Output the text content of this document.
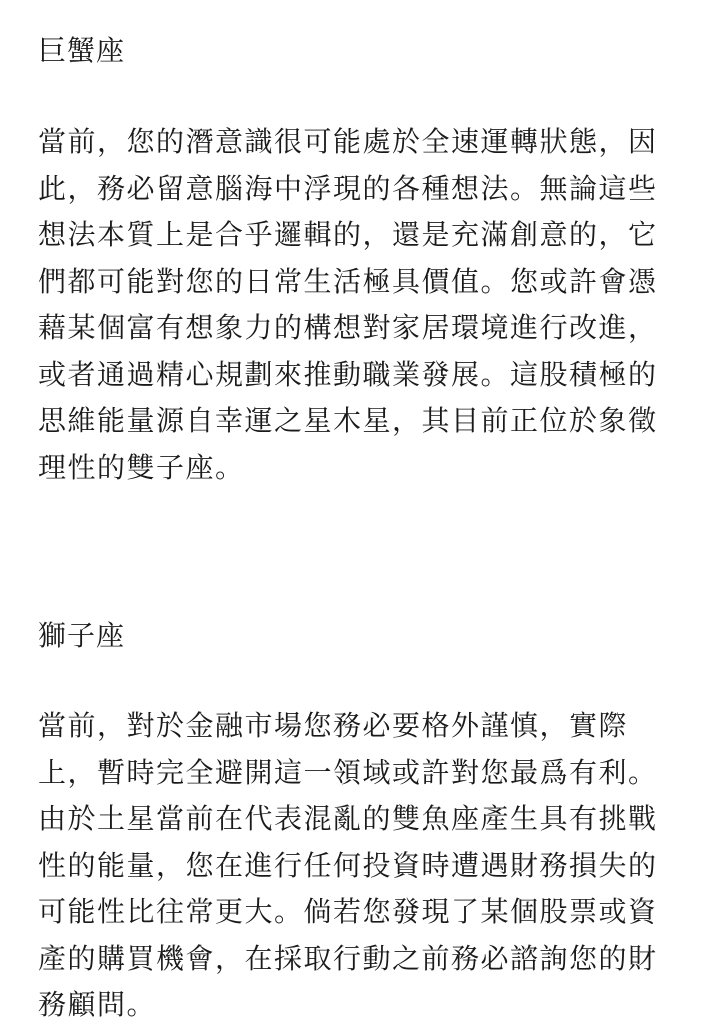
巨蟹座

當前，您的潛意識很可能處於全速運轉狀態，因
此，務必留意腦海中浮現的各種想法。無論這些
想法本質上是合乎邏輯的，還是充滿創意的，它
們都可能對您的日常生活極具價值。您或許會憑
藉某個富有想象力的構想對家居環境進行改進，
或者通過精心規劃來推動職業發展。這股積極的
思維能量源自幸運之星木星，其目前正位於象徵
理性的雙子座。

獅子座

當前，對於金融市場您務必要格外謹慎，實際
上，暫時完全避開這一領域或許對您最爲有利。
由於土星當前在代表混亂的雙魚座產生具有挑戰
性的能量，您在進行任何投資時遭遇財務損失的
可能性比往常更大。倘若您發現了某個股票或資
產的購買機會，在採取行動之前務必諮詢您的財
務顧問。
